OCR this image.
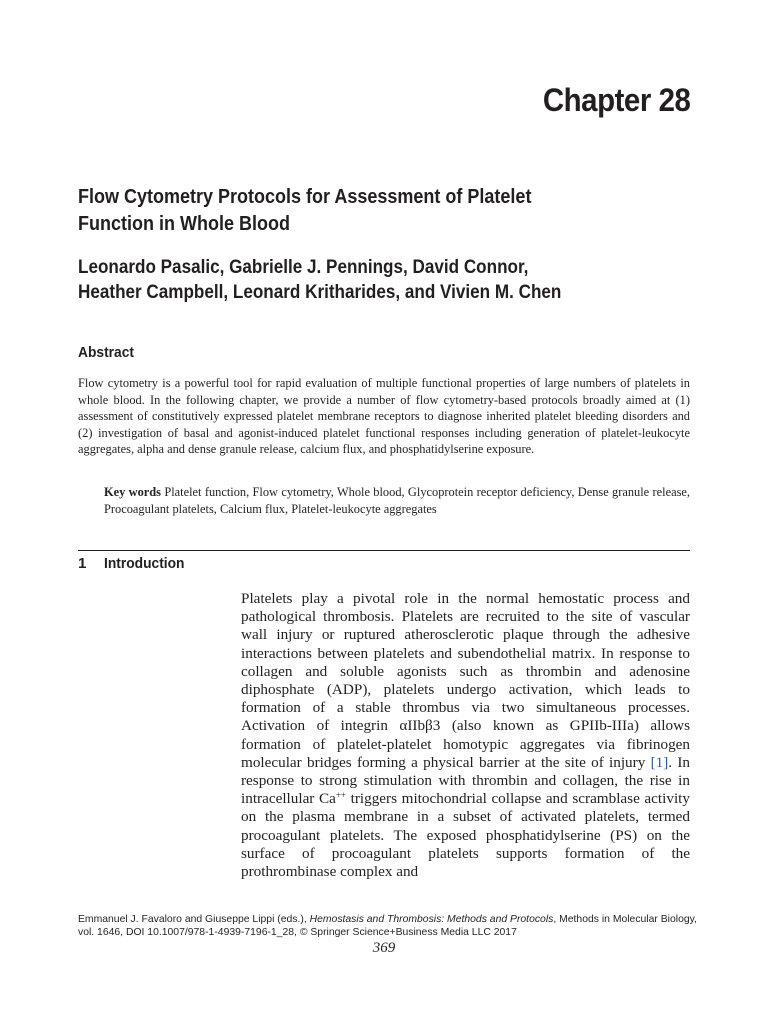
Chapter 28
Flow Cytometry Protocols for Assessment of Platelet
Function in Whole Blood
Leonardo Pasalic, Gabrielle J. Pennings, David Connor,
Heather Campbell, Leonard Kritharides, and Vivien M. Chen
Abstract

Flow cytometry is a powerful tool for rapid evaluation of multiple functional properties of large numbers of platelets in whole blood. In the following chapter, we provide a number of flow cytometry-based protocols broadly aimed at (1) assessment of constitutively expressed platelet membrane receptors to diagnose inherited platelet bleeding disorders and (2) investigation of basal and agonist-induced platelet functional responses including generation of platelet-leukocyte aggregates, alpha and dense granule release, calcium flux, and phosphatidylserine exposure.

Key words Platelet function, Flow cytometry, Whole blood, Glycoprotein receptor deficiency, Dense granule release, Procoagulant platelets, Calcium flux, Platelet-leukocyte aggregates

1 Introduction

Platelets play a pivotal role in the normal hemostatic process and pathological thrombosis. Platelets are recruited to the site of vascular wall injury or ruptured atherosclerotic plaque through the adhesive interactions between platelets and subendothelial matrix. In response to collagen and soluble agonists such as thrombin and adenosine diphosphate (ADP), platelets undergo activation, which leads to formation of a stable thrombus via two simultaneous processes. Activation of integrin αIIbβ3 (also known as GPIIb-IIIa) allows formation of platelet-platelet homotypic aggregates via fibrinogen molecular bridges forming a physical barrier at the site of injury [1]. In response to strong stimulation with thrombin and collagen, the rise in intracellular Ca++ triggers mitochondrial collapse and scramblase activity on the plasma membrane in a subset of activated platelets, termed procoagulant platelets. The exposed phosphatidylserine (PS) on the surface of procoagulant platelets supports formation of the prothrombinase complex and

Emmanuel J. Favaloro and Giuseppe Lippi (eds.), Hemostasis and Thrombosis: Methods and Protocols, Methods in Molecular Biology, vol. 1646, DOI 10.1007/978-1-4939-7196-1_28, © Springer Science+Business Media LLC 2017

369
